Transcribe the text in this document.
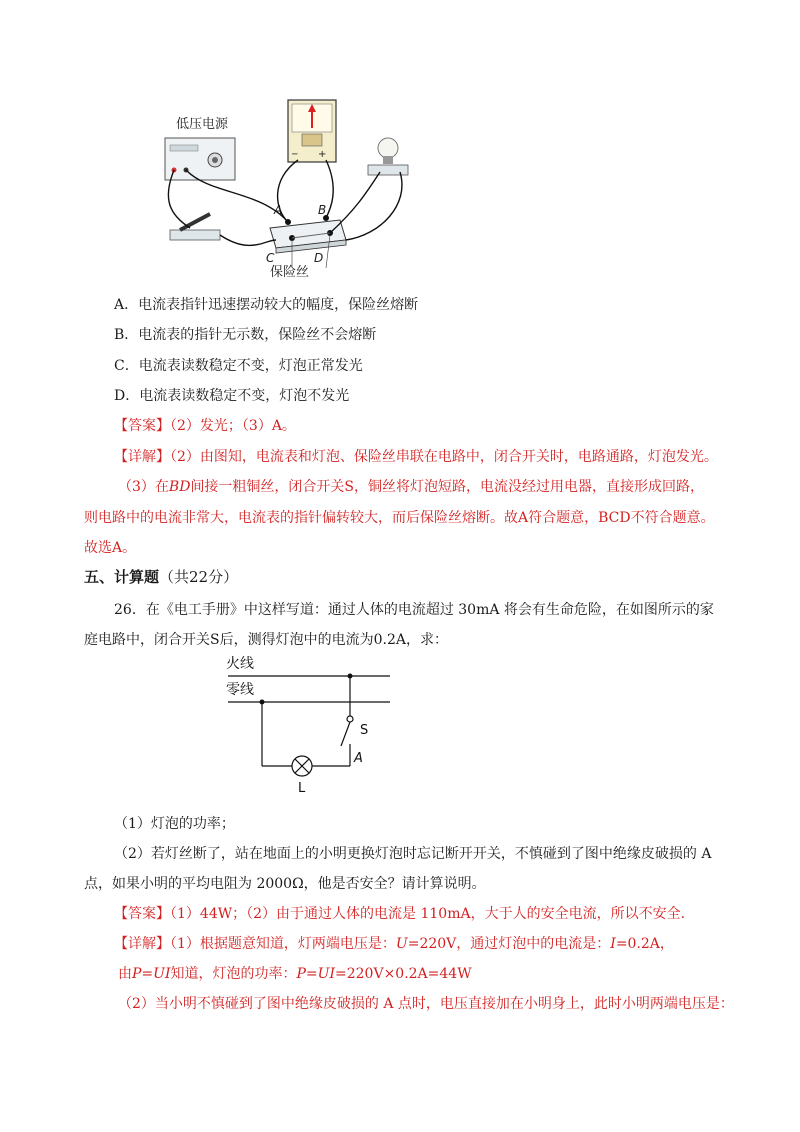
低压电源
─ +
A	B
C	D
保险丝
A．电流表指针迅速摆动较大的幅度，保险丝熔断
B．电流表的指针无示数，保险丝不会熔断
C．电流表读数稳定不变，灯泡正常发光
D．电流表读数稳定不变，灯泡不发光
【答案】（2）发光；（3）A。
【详解】（2）由图知，电流表和灯泡、保险丝串联在电路中，闭合开关时，电路通路，灯泡发光。
（3）在BD间接一粗铜丝，闭合开关S，铜丝将灯泡短路，电流没经过用电器，直接形成回路，
则电路中的电流非常大，电流表的指针偏转较大，而后保险丝熔断。故A符合题意，BCD不符合题意。
故选A。
五、计算题（共22分）
26．在《电工手册》中这样写道：通过人体的电流超过 30mA 将会有生命危险，在如图所示的家
庭电路中，闭合开关S后，测得灯泡中的电流为0.2A，求：
火线
零线
S
A
L
（1）灯泡的功率；
（2）若灯丝断了，站在地面上的小明更换灯泡时忘记断开开关，不慎碰到了图中绝缘皮破损的 A
点，如果小明的平均电阻为 2000Ω，他是否安全？请计算说明。
【答案】（1）44W；（2）由于通过人体的电流是 110mA，大于人的安全电流，所以不安全.
【详解】（1）根据题意知道，灯两端电压是：U=220V，通过灯泡中的电流是：I=0.2A，
由P=UI知道，灯泡的功率：P=UI=220V×0.2A=44W
（2）当小明不慎碰到了图中绝缘皮破损的 A 点时，电压直接加在小明身上，此时小明两端电压是：
